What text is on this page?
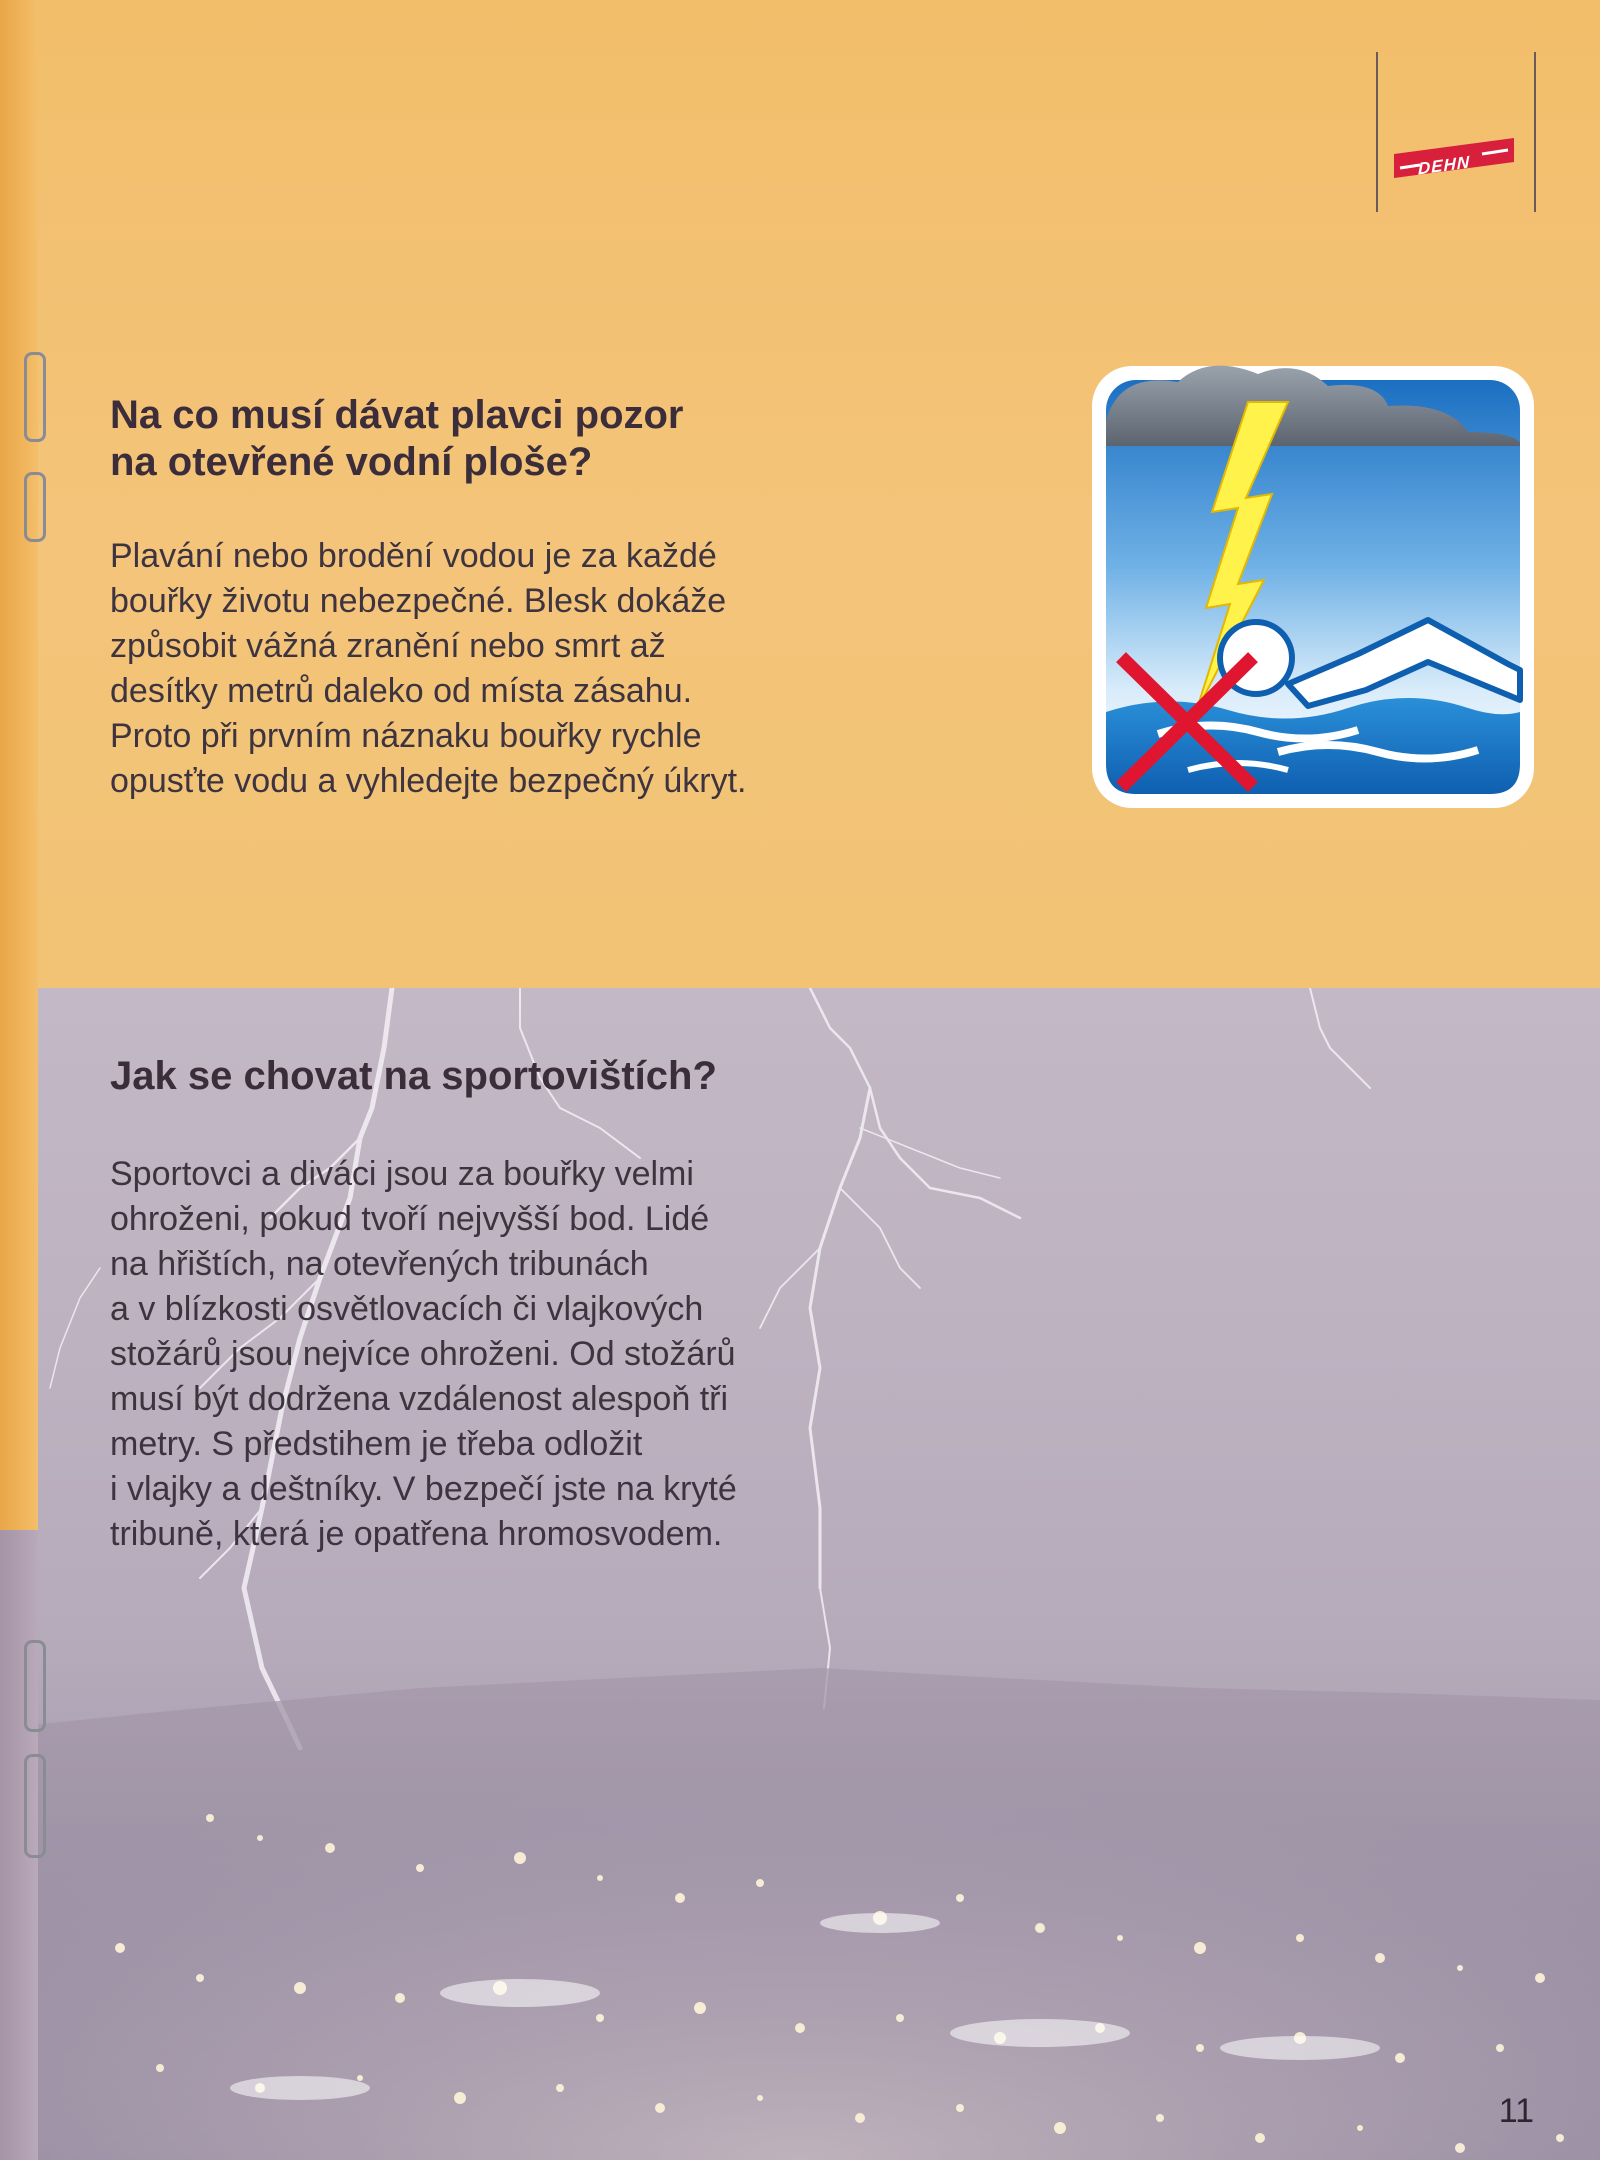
DEHN
Na co musí dávat plavci pozor
na otevřené vodní ploše?
Plavání nebo brodění vodou je za každé
bouřky životu nebezpečné. Blesk dokáže
způsobit vážná zranění nebo smrt až
desítky metrů daleko od místa zásahu.
Proto při prvním náznaku bouřky rychle
opusťte vodu a vyhledejte bezpečný úkryt.
Jak se chovat na sportovištích?
Sportovci a diváci jsou za bouřky velmi
ohroženi, pokud tvoří nejvyšší bod. Lidé
na hřištích, na otevřených tribunách
a v blízkosti osvětlovacích či vlajkových
stožárů jsou nejvíce ohroženi. Od stožárů
musí být dodržena vzdálenost alespoň tři
metry. S předstihem je třeba odložit
i vlajky a deštníky. V bezpečí jste na kryté
tribuně, která je opatřena hromosvodem.
11
